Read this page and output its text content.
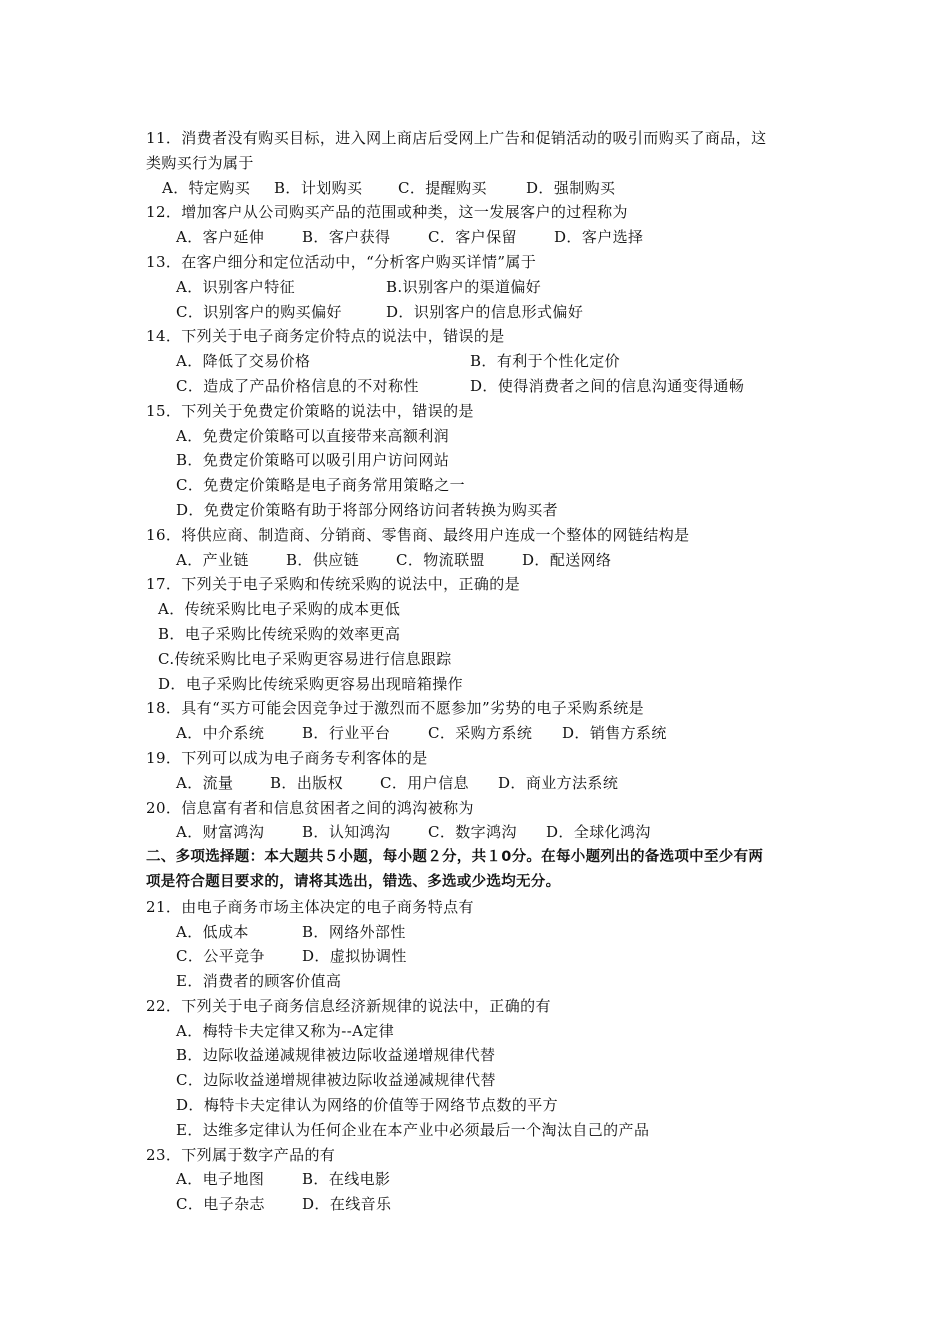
11．消费者没有购买目标，进入网上商店后受网上广告和促销活动的吸引而购买了商品，这
类购买行为属于
A．特定购买	B．计划购买	C．提醒购买	D．强制购买
12．增加客户从公司购买产品的范围或种类，这一发展客户的过程称为
A．客户延伸	B．客户获得	C．客户保留	D．客户选择
13．在客户细分和定位活动中，“分析客户购买详情”属于
A．识别客户特征	B.识别客户的渠道偏好
C．识别客户的购买偏好	D．识别客户的信息形式偏好
14．下列关于电子商务定价特点的说法中，错误的是
A．降低了交易价格	B．有利于个性化定价
C．造成了产品价格信息的不对称性	D．使得消费者之间的信息沟通变得通畅
15．下列关于免费定价策略的说法中，错误的是
A．免费定价策略可以直接带来高额利润
B．免费定价策略可以吸引用户访问网站
C．免费定价策略是电子商务常用策略之一
D．免费定价策略有助于将部分网络访问者转换为购买者
16．将供应商、制造商、分销商、零售商、最终用户连成一个整体的网链结构是
A．产业链	B．供应链	C．物流联盟	D．配送网络
17．下列关于电子采购和传统采购的说法中，正确的是
A．传统采购比电子采购的成本更低
B．电子采购比传统采购的效率更高
C.传统采购比电子采购更容易进行信息跟踪
D．电子采购比传统采购更容易出现暗箱操作
18．具有“买方可能会因竞争过于激烈而不愿参加”劣势的电子采购系统是
A．中介系统	B．行业平台	C．采购方系统	D．销售方系统
19．下列可以成为电子商务专利客体的是
A．流量	B．出版权	C．用户信息	D．商业方法系统
20．信息富有者和信息贫困者之间的鸿沟被称为
A．财富鸿沟	B．认知鸿沟	C．数字鸿沟	D．全球化鸿沟
二、多项选择题：本大题共５小题，每小题２分，共１0分。在每小题列出的备选项中至少有两
项是符合题目要求的，请将其选出，错选、多选或少选均无分。
21．由电子商务市场主体决定的电子商务特点有
A．低成本	B．网络外部性
C．公平竞争	D．虚拟协调性
E．消费者的顾客价值高
22．下列关于电子商务信息经济新规律的说法中，正确的有
A．梅特卡夫定律又称为--A定律
B．边际收益递减规律被边际收益递增规律代替
C．边际收益递增规律被边际收益递减规律代替
D．梅特卡夫定律认为网络的价值等于网络节点数的平方
E．达维多定律认为任何企业在本产业中必须最后一个淘汰自己的产品
23．下列属于数字产品的有
A．电子地图	B．在线电影
C．电子杂志	D．在线音乐
